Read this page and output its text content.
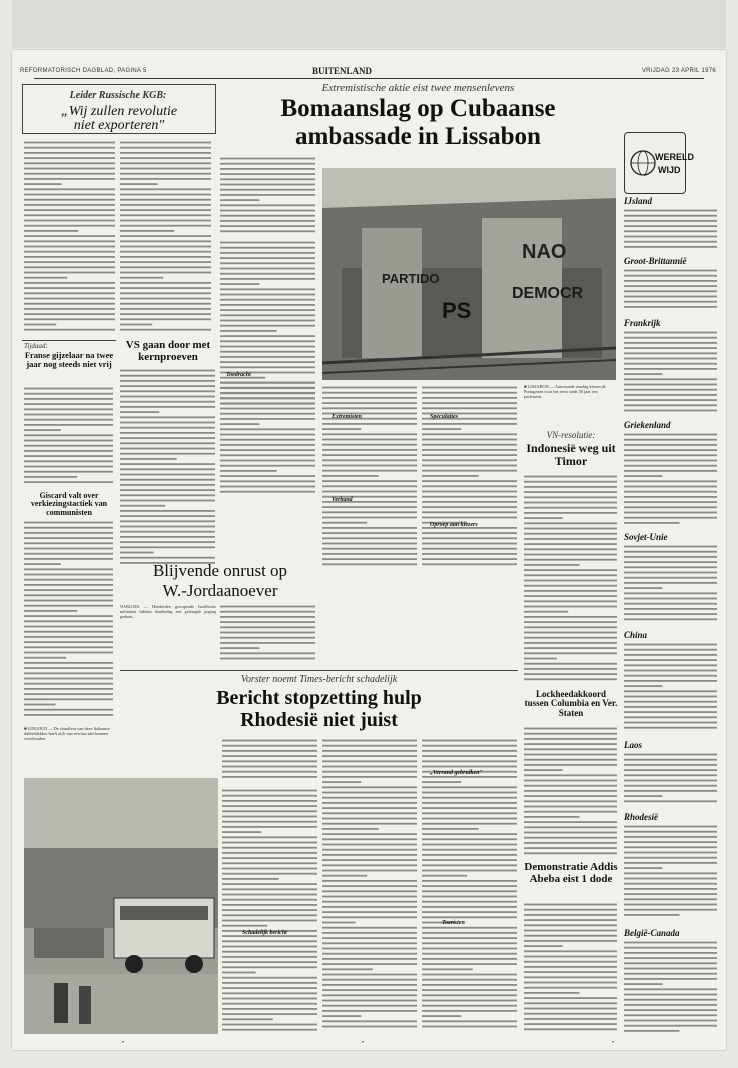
REFORMATORISCH DAGBLAD, PAGINA 5	BUITENLAND	VRIJDAG 23 APRIL 1976
Leider Russische KGB:
„Wij zullen revolutie
niet exporteren"
Extremistische aktie eist twee mensenlevens
Bomaanslag op Cubaanse
ambassade in Lissabon
Toedracht
NAO
PARTIDO
DEMOCR
PS
■ LISSABON — Aanstaande zondag kiezen de Portugezen voor het eerst sinds 50 jaar een parlement.
Extremisten
Verband
Speculaties
Oproep aan kiezers
VN-resolutie:
Indonesië weg uit Timor
Tijdaad:
Franse gijzelaar na twee jaar nog steeds niet vrij
VS gaan door met kernproeven
Giscard valt over verkiezingstactiek van communisten
Blijvende onrust op
W.-Jordaanoever
NABLOES — Honderden gewapende Israëlische militairen hebben donderdag een geslaagde poging gedaan...
Vorster noemt Times-bericht schadelijk
Bericht stopzetting hulp
Rhodesië niet juist
Schadelijk bericht
„Verrand gebruiken"
Toeristen
Lockheedakkoord tussen Columbia en Ver. Staten
Demonstratie Addis Abeba eist 1 dode
■ LINGOUN — De chauffeur van deze Italiaanse dubbeldekker heeft zich van een bus niet kunnen weerhouden.
WERELD
WIJD
IJsland
Groot-Brittannië
Frankrijk
Griekenland
Sovjet-Unie
China
Laos
Rhodesië
België-Canada
•	•	•
